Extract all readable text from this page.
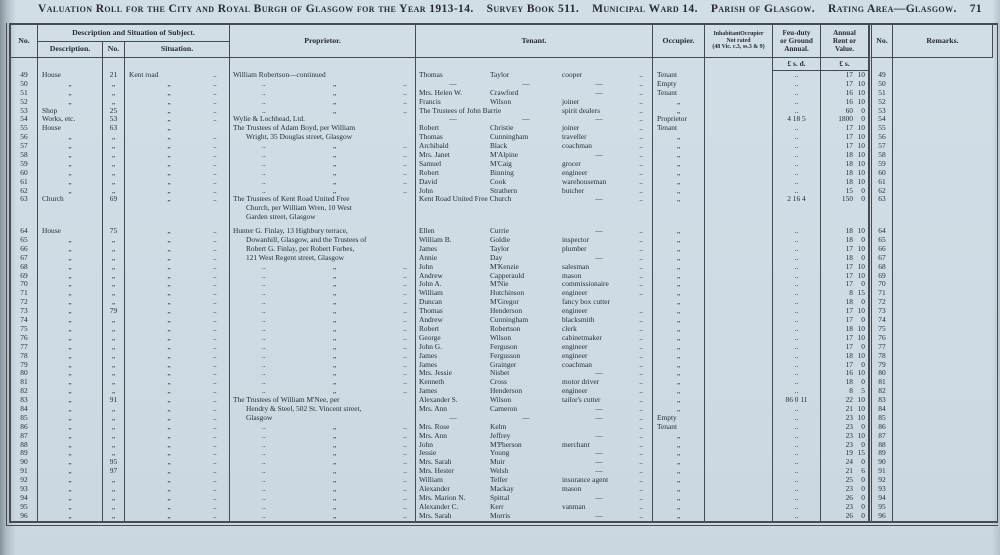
Valuation Roll for the City and Royal Burgh of Glasgow for the Year 1913-14. Survey Book 511. Municipal Ward 14. Parish of Glasgow. Rating Area—Glasgow. 71
No.
Description and Situation of Subject.
Description.	No.	Situation.
Proprietor.	Tenant.	Occupier.
InhabitantOccupier
Not rated
(48 Vic. c.3, ss.3 & 9)
Feu-duty
or Ground
Annual.
Annual
Rent or
Value.
No.	Remarks.
£ s. d.	£ s.
49	House	21	Kent road	..	William Robertson—continued	Thomas	Taylor	cooper	..	Tenant	..	17 10	49
50	„	„	„	..	..	„	..	—	—	—	..	Empty	..	17 10	50
51	„	„	„	..	..	„	..	Mrs. Helen W.	Crawford	—	..	Tenant	..	16 10	51
52	„	„	„	..	..	„	..	Francis	Wilson	joiner	..	„	..	16 10	52
53	Shop	25	„	..	..	„	..	The Trustees of John Barrie	spirit dealers	..	„	..	60	0	53
54	Works, etc.	53	„	..	Wylie & Lochhead, Ltd.	—	—	—	..	Proprietor	4 18 5	1800	0	54
55	House	63	„	The Trustees of Adam Boyd, per William	Robert	Christie	joiner	..	Tenant	..	17 10	55
56	„	„	„	..	Wright, 35 Douglas street, Glasgow	Thomas	Cunningham	traveller	..	„	..	17 10	56
57	„	„	„	..	..	„	..	Archibald	Black	coachman	..	„	..	17 10	57
58	„	„	„	..	..	„	..	Mrs. Janet	M'Alpine	—	..	„	..	18 10	58
59	„	„	„	..	..	„	..	Samuel	M'Caig	grocer	..	„	..	18 10	59
60	„	„	„	..	..	„	..	Robert	Binning	engineer	..	„	..	18 10	60
61	„	„	„	..	..	„	..	David	Cook	warehouseman	..	„	..	18 10	61
62	„	„	„	..	..	„	..	John	Strathern	butcher	..	„	..	15	0	62
63	Church	69	„	..	The Trustees of Kent Road United Free	Kent Road United Free Church	—	..	„	2 16 4	150	0	63
Church, per William Wren, 10 West
Garden street, Glasgow
64	House	75	„	..	Hunter G. Finlay, 13 Highbury terrace,	Ellen	Currie	—	..	„	..	18 10	64
65	„	„	„	..	Dowanhill, Glasgow, and the Trustees of	William B.	Goldie	inspector	..	„	..	18	0	65
66	„	„	„	..	Robert G. Finlay, per Robert Forbes,	James	Taylor	plumber	..	„	..	17 10	66
67	„	„	„	..	121 West Regent street, Glasgow	Annie	Day	—	..	„	..	18	0	67
68	„	„	„	..	..	„	..	John	M'Kenzie	salesman	..	„	..	17 10	68
69	„	„	„	..	..	„	..	Andrew	Capperauld	mason	..	„	..	17 10	69
70	„	„	„	..	..	„	..	John A.	M'Nie	commissionaire	..	„	..	17	0	70
71	„	„	„	..	..	„	..	William	Hutchinson	engineer	..	„	..	8 15	71
72	„	„	„	..	..	„	..	Duncan	M'Gregor	fancy box cutter	„	..	18	0	72
73	„	79	„	..	..	„	..	Thomas	Henderson	engineer	..	„	..	17 10	73
74	„	„	„	..	..	„	..	Andrew	Cunningham	blacksmith	..	„	..	17	0	74
75	„	„	„	..	..	„	..	Robert	Robertson	clerk	..	„	..	18 10	75
76	„	„	„	..	..	„	..	George	Wilson	cabinetmaker	..	„	..	17 10	76
77	„	„	„	..	..	„	..	John G.	Ferguson	engineer	..	„	..	17	0	77
78	„	„	„	..	..	„	..	James	Fergusson	engineer	..	„	..	18 10	78
79	„	„	„	..	..	„	..	James	Grainger	coachman	..	„	..	17	0	79
80	„	„	„	..	..	„	..	Mrs. Jessie	Nisbet	—	..	„	..	16 10	80
81	„	„	„	..	..	„	..	Kenneth	Cross	motor driver	..	„	..	18	0	81
82	„	„	„	..	..	„	..	James	Henderson	engineer	..	„	..	8	5	82
83	„	91	„	..	The Trustees of William M'Nee, per	Alexander S.	Wilson	tailor's cutter	..	„	86 0 11	22 10	83
84	„	„	„	..	Hendry & Steel, 502 St. Vincent street,	Mrs. Ann	Cameron	—	..	„	..	21 10	84
85	„	„	„	..	Glasgow	—	—	—	..	Empty	..	23 10	85
86	„	„	„	..	..	„	..	Mrs. Rose	Kelm	..	Tenant	..	23	0	86
87	„	„	„	..	..	„	..	Mrs. Ann	Jeffrey	—	..	„	..	23 10	87
88	„	„	„	..	..	„	..	John	M'Pherson	merchant	..	„	..	23	0	88
89	„	„	„	..	..	„	..	Jessie	Young	—	..	„	..	19 15	89
90	„	95	„	..	..	„	..	Mrs. Sarah	Muir	—	..	„	..	24	0	90
91	„	97	„	..	..	„	..	Mrs. Hester	Welsh	—	..	„	..	21	6	91
92	„	„	„	..	..	„	..	William	Telfer	insurance agent	..	„	..	25	0	92
93	„	„	„	..	..	„	..	Alexander	Mackay	mason	..	„	..	23	0	93
94	„	„	„	..	..	„	..	Mrs. Marion N.	Spittal	—	..	„	..	26	0	94
95	„	„	„	..	..	„	..	Alexander C.	Kerr	vanman	..	„	..	23	0	95
96	„	„	„	..	..	„	..	Mrs. Sarah	Morris	—	..	„	..	26	0	96
